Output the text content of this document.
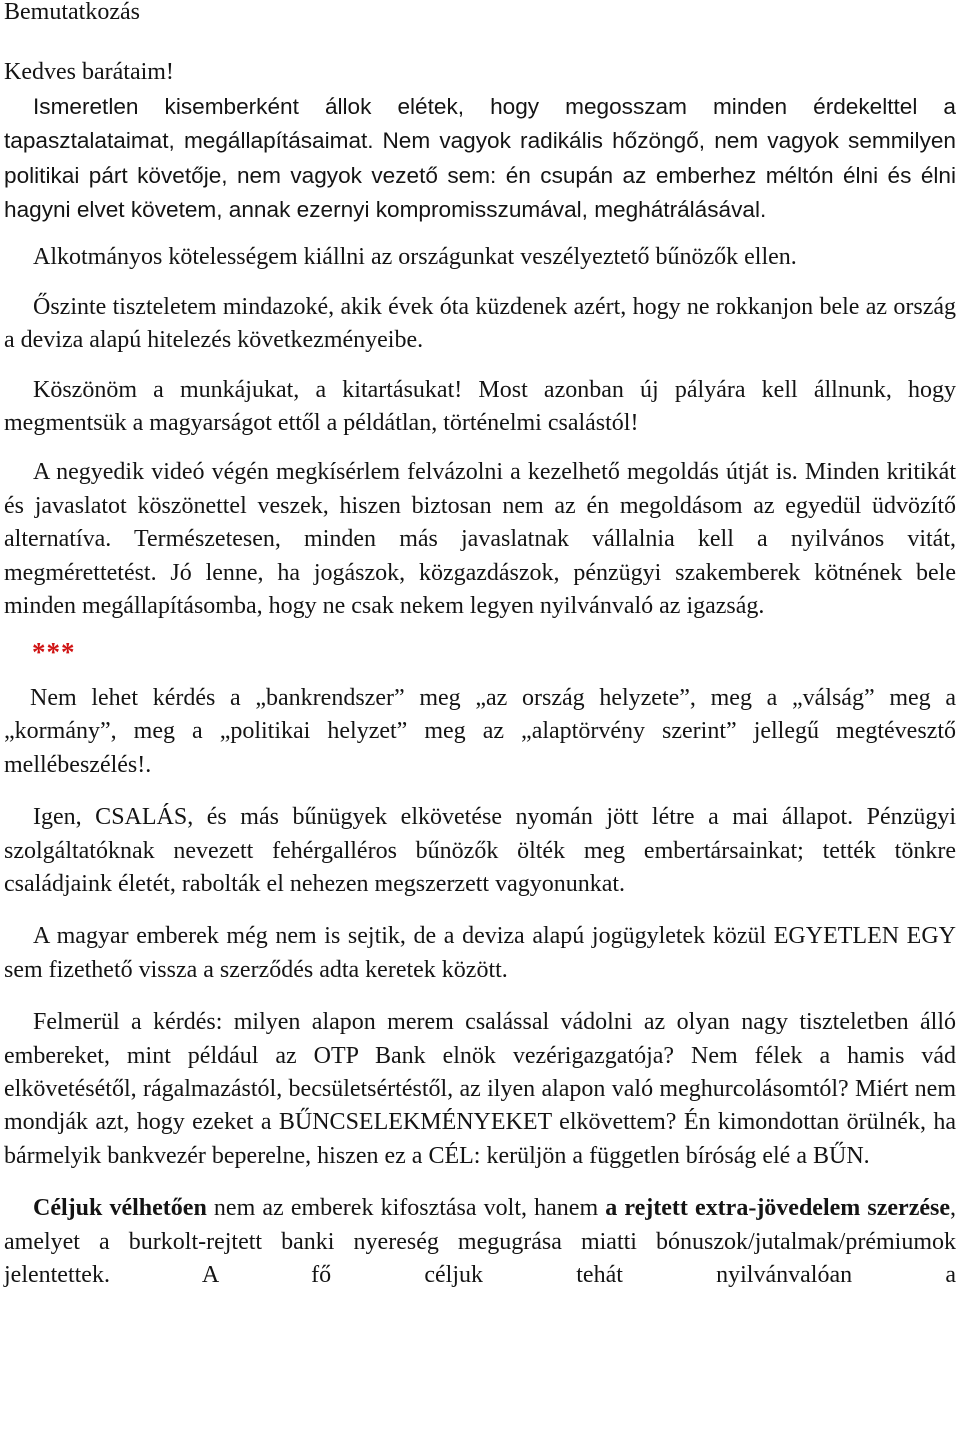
Bemutatkozás

Kedves barátaim!

Ismeretlen kisemberként állok elétek, hogy megosszam minden érdekelttel a tapasztalataimat, megállapításaimat. Nem vagyok radikális hőzöngő, nem vagyok semmilyen politikai párt követője, nem vagyok vezető sem: én csupán az emberhez méltón élni és élni hagyni elvet követem, annak ezernyi kompromisszumával, meghátrálásával.

Alkotmányos kötelességem kiállni az országunkat veszélyeztető bűnözők ellen.

Őszinte tiszteletem mindazoké, akik évek óta küzdenek azért, hogy ne rokkanjon bele az ország a deviza alapú hitelezés következményeibe.

Köszönöm a munkájukat, a kitartásukat! Most azonban új pályára kell állnunk, hogy megmentsük a magyarságot ettől a példátlan, történelmi csalástól!

A negyedik videó végén megkísérlem felvázolni a kezelhető megoldás útját is. Minden kritikát és javaslatot köszönettel veszek, hiszen biztosan nem az én megoldásom az egyedül üdvözítő alternatíva. Természetesen, minden más javaslatnak vállalnia kell a nyilvános vitát, megmérettetést. Jó lenne, ha jogászok, közgazdászok, pénzügyi szakemberek kötnének bele minden megállapításomba, hogy ne csak nekem legyen nyilvánvaló az igazság.

***

Nem lehet kérdés a „bankrendszer” meg „az ország helyzete”, meg a „válság” meg a „kormány”, meg a „politikai helyzet” meg az „alaptörvény szerint” jellegű megtévesztő mellébeszélés!.

Igen, CSALÁS, és más bűnügyek elkövetése nyomán jött létre a mai állapot. Pénzügyi szolgáltatóknak nevezett fehérgalléros bűnözők ölték meg embertársainkat; tették tönkre családjaink életét, rabolták el nehezen megszerzett vagyonunkat.

A magyar emberek még nem is sejtik, de a deviza alapú jogügyletek közül EGYETLEN EGY sem fizethető vissza a szerződés adta keretek között.

Felmerül a kérdés: milyen alapon merem csalással vádolni az olyan nagy tiszteletben álló embereket, mint például az OTP Bank elnök vezérigazgatója? Nem félek a hamis vád elkövetésétől, rágalmazástól, becsületsértéstől, az ilyen alapon való meghurcolásomtól? Miért nem mondják azt, hogy ezeket a BŰNCSELEKMÉNYEKET elkövettem? Én kimondottan örülnék, ha bármelyik bankvezér beperelne, hiszen ez a CÉL: kerüljön a független bíróság elé a BŰN.

Céljuk vélhetően nem az emberek kifosztása volt, hanem a rejtett extra-jövedelem szerzése, amelyet a burkolt-rejtett banki nyereség megugrása miatti bónuszok/jutalmak/prémiumok jelentettek. A fő céljuk tehát nyilvánvalóan a
